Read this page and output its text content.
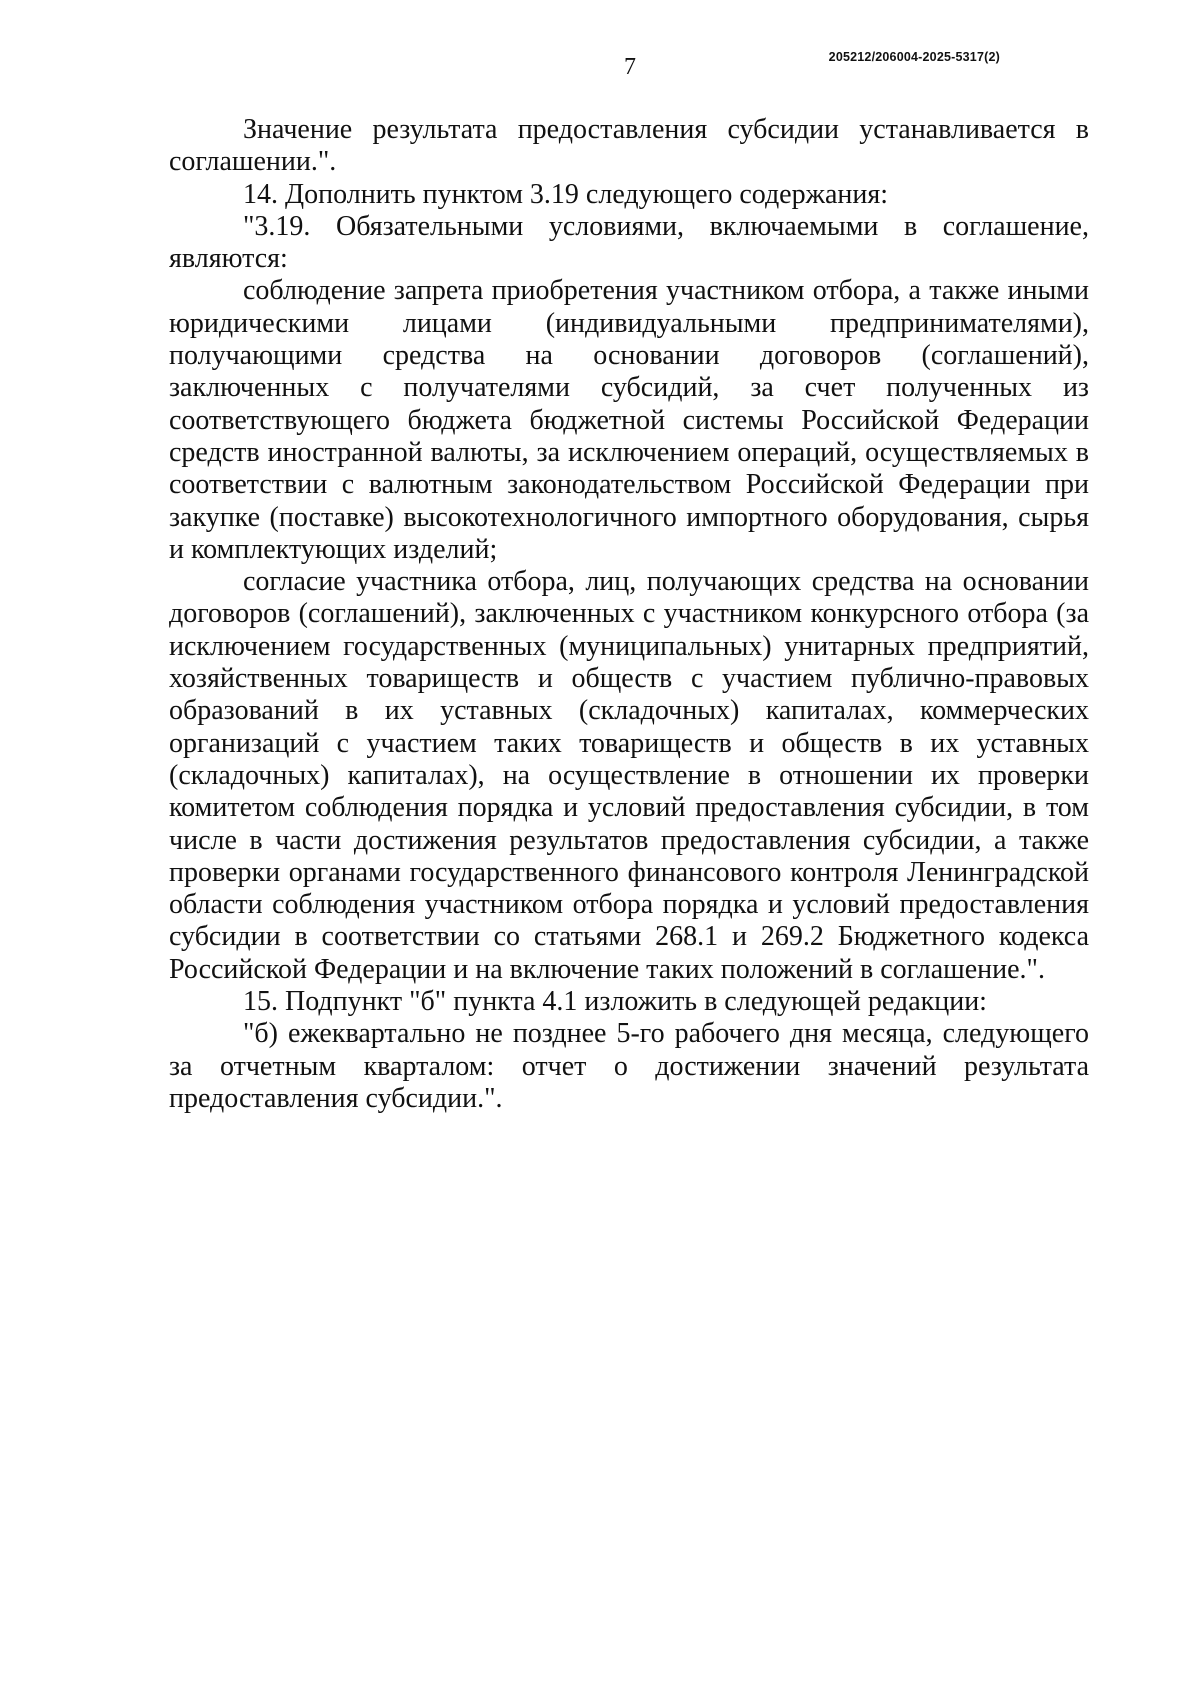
7	205212/206004-2025-5317(2)

Значение результата предоставления субсидии устанавливается в соглашении.".

14. Дополнить пунктом 3.19 следующего содержания:

"3.19. Обязательными условиями, включаемыми в соглашение, являются:

соблюдение запрета приобретения участником отбора, а также иными юридическими лицами (индивидуальными предпринимателями), получающими средства на основании договоров (соглашений), заключенных с получателями субсидий, за счет полученных из соответствующего бюджета бюджетной системы Российской Федерации средств иностранной валюты, за исключением операций, осуществляемых в соответствии с валютным законодательством Российской Федерации при закупке (поставке) высокотехнологичного импортного оборудования, сырья и комплектующих изделий;

согласие участника отбора, лиц, получающих средства на основании договоров (соглашений), заключенных с участником конкурсного отбора (за исключением государственных (муниципальных) унитарных предприятий, хозяйственных товариществ и обществ с участием публично-правовых образований в их уставных (складочных) капиталах, коммерческих организаций с участием таких товариществ и обществ в их уставных (складочных) капиталах), на осуществление в отношении их проверки комитетом соблюдения порядка и условий предоставления субсидии, в том числе в части достижения результатов предоставления субсидии, а также проверки органами государственного финансового контроля Ленинградской области соблюдения участником отбора порядка и условий предоставления субсидии в соответствии со статьями 268.1 и 269.2 Бюджетного кодекса Российской Федерации и на включение таких положений в соглашение.".

15. Подпункт "б" пункта 4.1 изложить в следующей редакции:

"б) ежеквартально не позднее 5-го рабочего дня месяца, следующего за отчетным кварталом: отчет о достижении значений результата предоставления субсидии.".
